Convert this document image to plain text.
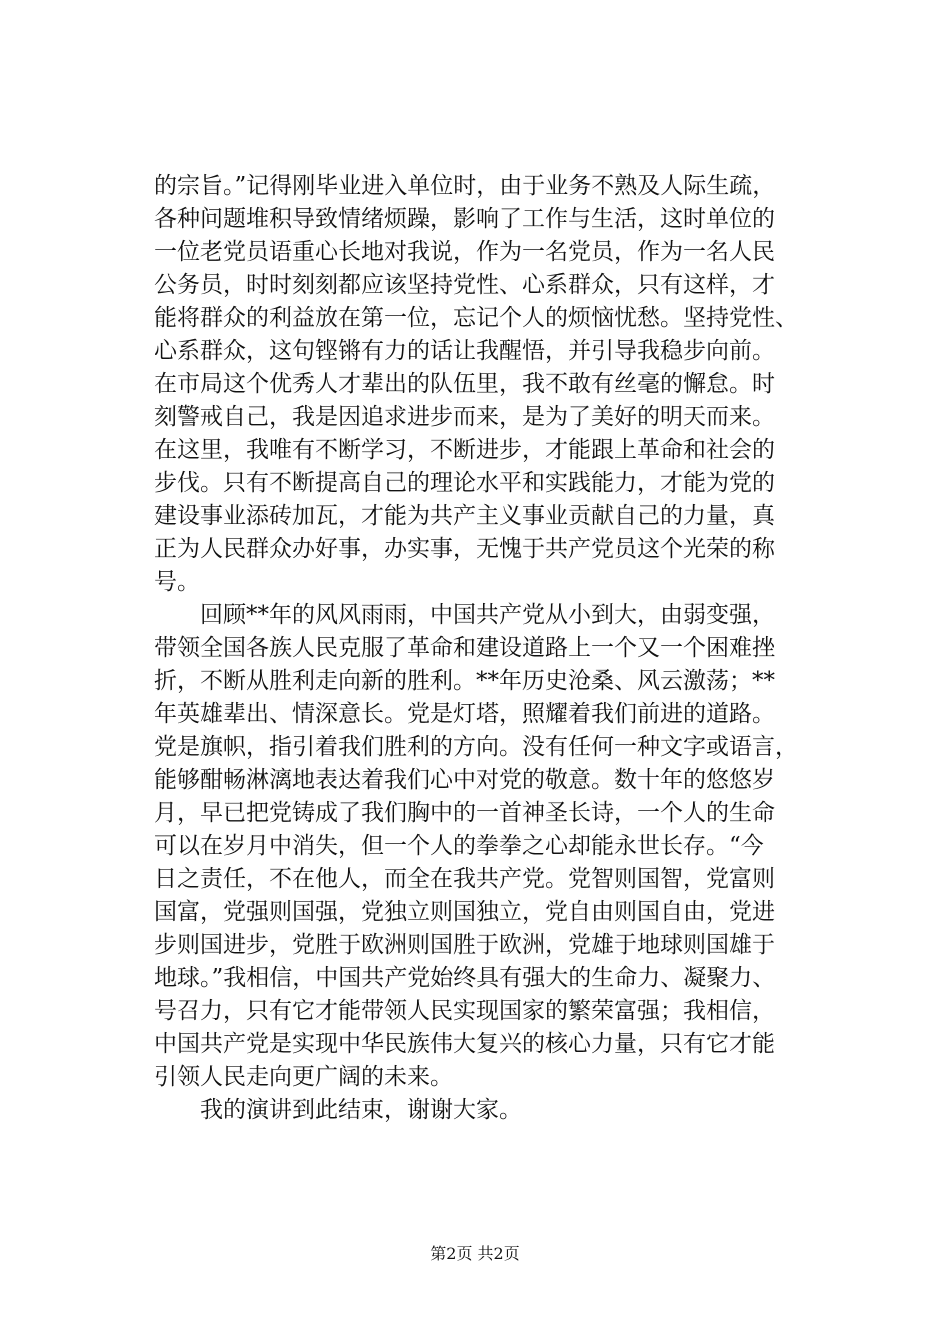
的宗旨。”记得刚毕业进入单位时，由于业务不熟及人际生疏，
各种问题堆积导致情绪烦躁，影响了工作与生活，这时单位的
一位老党员语重心长地对我说，作为一名党员，作为一名人民
公务员，时时刻刻都应该坚持党性、心系群众，只有这样，才
能将群众的利益放在第一位，忘记个人的烦恼忧愁。坚持党性、
心系群众，这句铿锵有力的话让我醒悟，并引导我稳步向前。
在市局这个优秀人才辈出的队伍里，我不敢有丝毫的懈怠。时
刻警戒自己，我是因追求进步而来，是为了美好的明天而来。
在这里，我唯有不断学习，不断进步，才能跟上革命和社会的
步伐。只有不断提高自己的理论水平和实践能力，才能为党的
建设事业添砖加瓦，才能为共产主义事业贡献自己的力量，真
正为人民群众办好事，办实事，无愧于共产党员这个光荣的称
号。
　　回顾**年的风风雨雨，中国共产党从小到大，由弱变强，
带领全国各族人民克服了革命和建设道路上一个又一个困难挫
折，不断从胜利走向新的胜利。**年历史沧桑、风云激荡；**
年英雄辈出、情深意长。党是灯塔，照耀着我们前进的道路。
党是旗帜，指引着我们胜利的方向。没有任何一种文字或语言，
能够酣畅淋漓地表达着我们心中对党的敬意。数十年的悠悠岁
月，早已把党铸成了我们胸中的一首神圣长诗，一个人的生命
可以在岁月中消失，但一个人的拳拳之心却能永世长存。“今
日之责任，不在他人，而全在我共产党。党智则国智，党富则
国富，党强则国强，党独立则国独立，党自由则国自由，党进
步则国进步，党胜于欧洲则国胜于欧洲，党雄于地球则国雄于
地球。”我相信，中国共产党始终具有强大的生命力、凝聚力、
号召力，只有它才能带领人民实现国家的繁荣富强；我相信，
中国共产党是实现中华民族伟大复兴的核心力量，只有它才能
引领人民走向更广阔的未来。
　　我的演讲到此结束，谢谢大家。
第2页 共2页
